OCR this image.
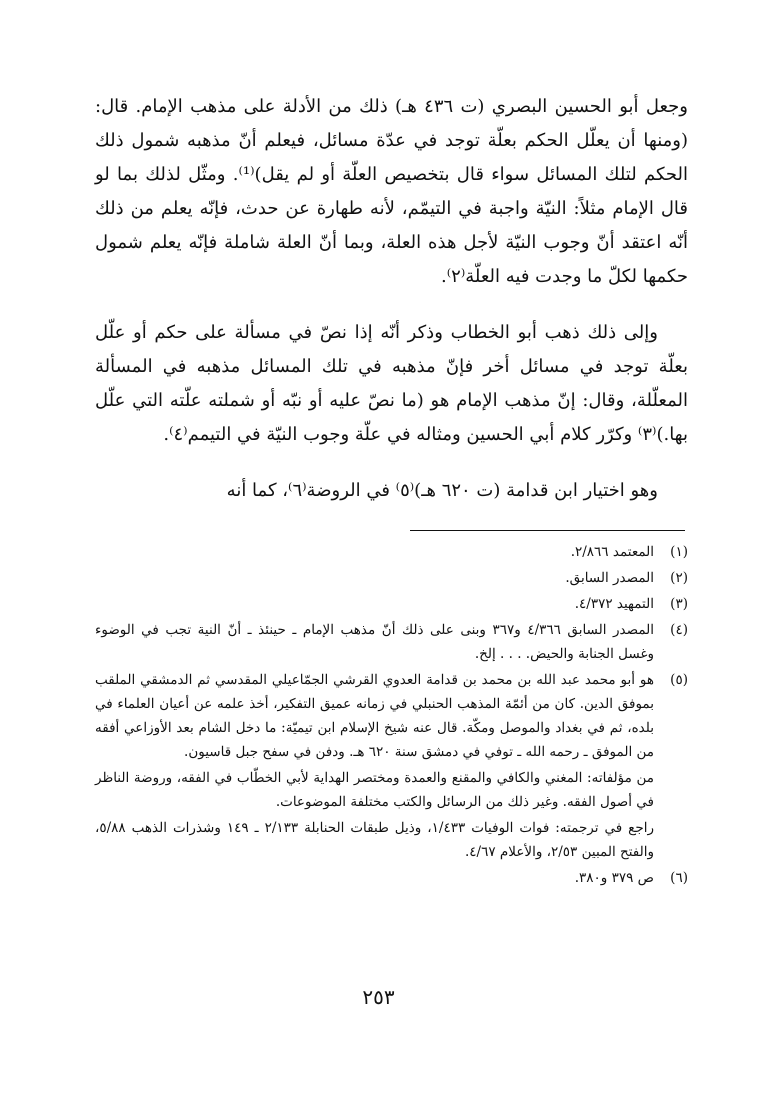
وجعل أبو الحسين البصري (ت ٤٣٦ هـ) ذلك من الأدلة على مذهب الإمام. قال: (ومنها أن يعلّل الحكم بعلّة توجد في عدّة مسائل، فيعلم أنّ مذهبه شمول ذلك الحكم لتلك المسائل سواء قال بتخصيص العلّة أو لم يقل)⁽¹⁾. ومثّل لذلك بما لو قال الإمام مثلاً: النيّة واجبة في التيمّم، لأنه طهارة عن حدث، فإنّه يعلم من ذلك أنّه اعتقد أنّ وجوب النيّة لأجل هذه العلة، وبما أنّ العلة شاملة فإنّه يعلم شمول حكمها لكلّ ما وجدت فيه العلّة⁽٢⁾.

وإلى ذلك ذهب أبو الخطاب وذكر أنّه إذا نصّ في مسألة على حكم أو علّل بعلّة توجد في مسائل أخر فإنّ مذهبه في تلك المسائل مذهبه في المسألة المعلّلة، وقال: إنّ مذهب الإمام هو (ما نصّ عليه أو نبّه أو شملته علّته التي علّل بها.)⁽٣⁾ وكرّر كلام أبي الحسين ومثاله في علّة وجوب النيّة في التيمم⁽٤⁾.

وهو اختيار ابن قدامة (ت ٦٢٠ هـ)⁽٥⁾ في الروضة⁽٦⁾، كما أنه

(١)
المعتمد ٢/٨٦٦.
(٢)
المصدر السابق.
(٣)
التمهيد ٤/٣٧٢.
(٤)
المصدر السابق ٤/٣٦٦ و٣٦٧ وبنى على ذلك أنّ مذهب الإمام ـ حينئذ ـ أنّ النية تجب في الوضوء وغسل الجنابة والحيض. . . . إلخ.
(٥)
هو أبو محمد عبد الله بن محمد بن قدامة العدوي القرشي الجمّاعيلي المقدسي ثم الدمشقي الملقب بموفق الدين. كان من أئمّة المذهب الحنبلي في زمانه عميق التفكير، أخذ علمه عن أعيان العلماء في بلده، ثم في بغداد والموصل ومكّة. قال عنه شيخ الإسلام ابن تيميّة: ما دخل الشام بعد الأوزاعي أفقه من الموفق ـ رحمه الله ـ توفي في دمشق سنة ٦٢٠ هـ. ودفن في سفح جبل قاسيون.
من مؤلفاته: المغني والكافي والمقنع والعمدة ومختصر الهداية لأبي الخطّاب في الفقه، وروضة الناظر في أصول الفقه. وغير ذلك من الرسائل والكتب مختلفة الموضوعات.
راجع في ترجمته: فوات الوفيات ١/٤٣٣، وذيل طبقات الحنابلة ٢/١٣٣ ـ ١٤٩ وشذرات الذهب ٥/٨٨، والفتح المبين ٢/٥٣، والأعلام ٤/٦٧.
(٦)
ص ٣٧٩ و٣٨٠.
٢٥٣
